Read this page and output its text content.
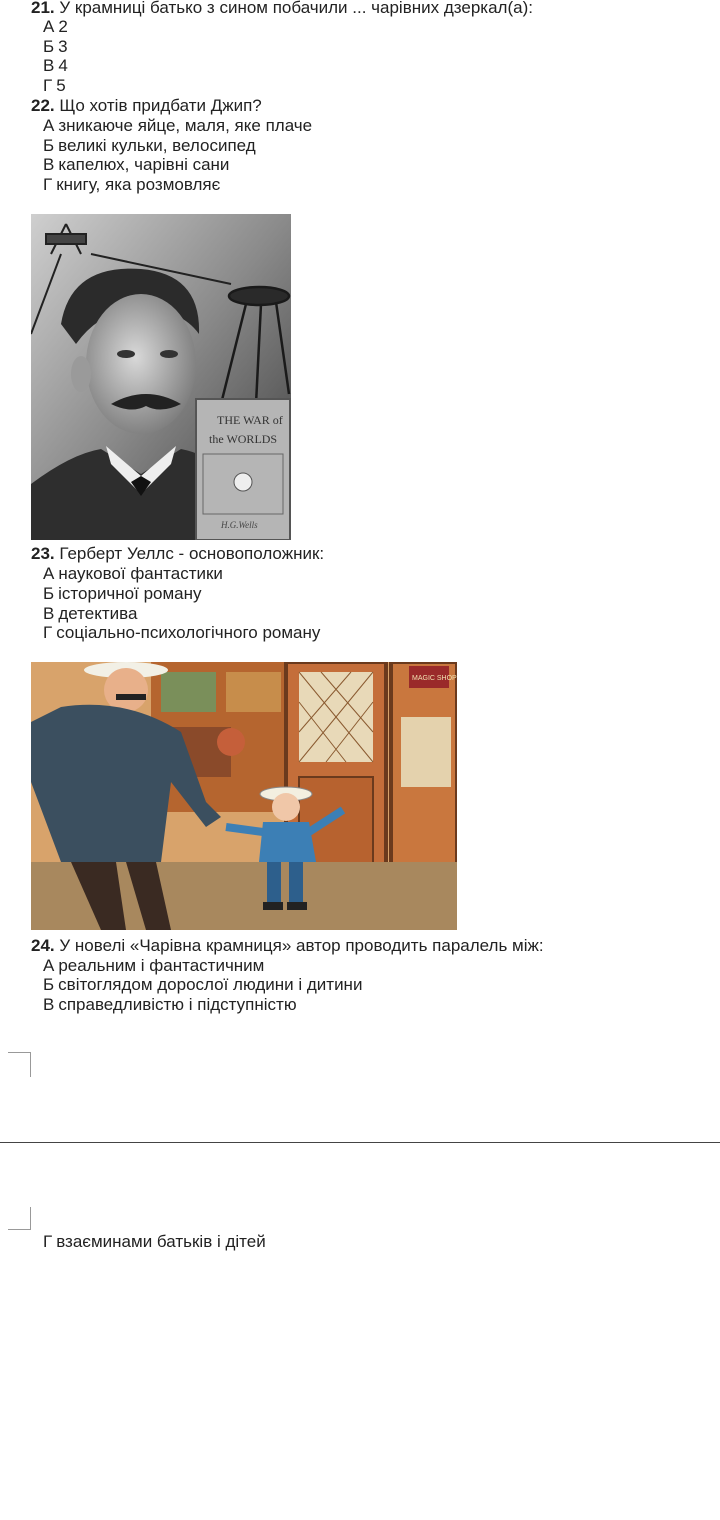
21. У крамниці батько з сином побачили ... чарівних дзеркал(а):
А 2
Б 3
В 4
Г 5
22. Що хотів придбати Джип?
А зникаюче яйце, маля, яке плаче
Б великі кульки, велосипед
В капелюх, чарівні сани
Г книгу, яка розмовляє
THE WAR of
the WORLDS
H.G.Wells
23. Герберт Уеллс - основоположник:
А наукової фантастики
Б історичної роману
В детектива
Г соціально-психологічного роману
MAGIC SHOP
24. У новелі «Чарівна крамниця» автор проводить паралель між:
А реальним і фантастичним
Б світоглядом дорослої людини і дитини
В справедливістю і підступністю
Г взаєминами батьків і дітей
